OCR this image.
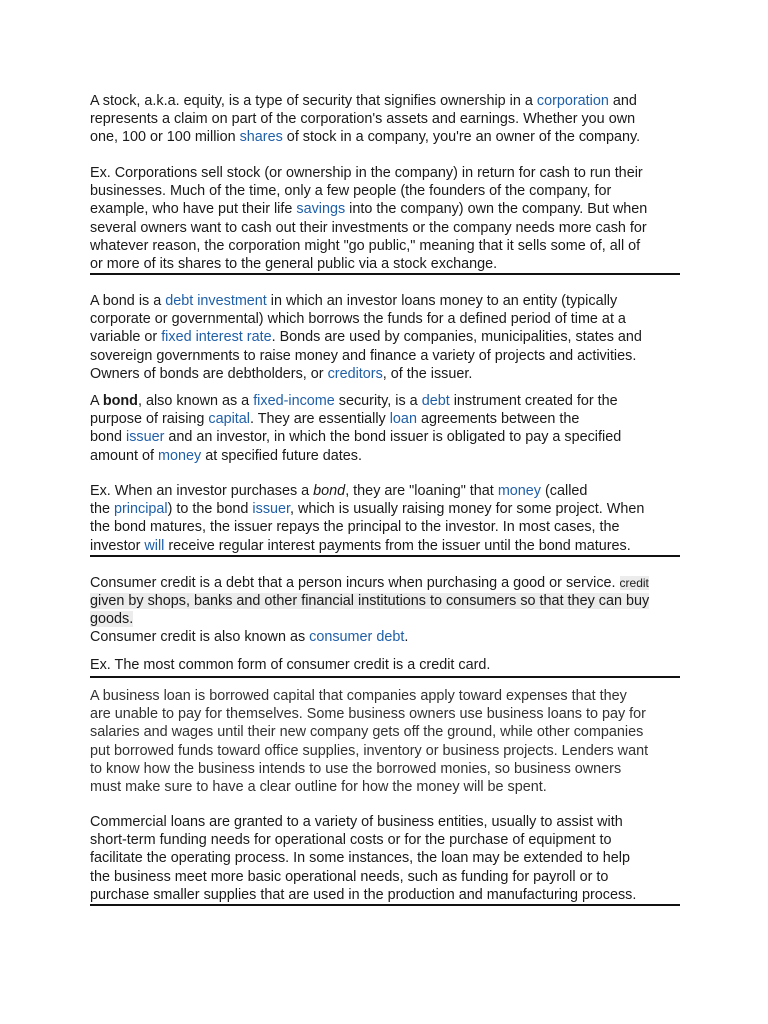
A stock, a.k.a. equity, is a type of security that signifies ownership in a corporation and

represents a claim on part of the corporation's assets and earnings. Whether you own

one, 100 or 100 million shares of stock in a company, you're an owner of the company.

Ex. Corporations sell stock (or ownership in the company) in return for cash to run their

businesses. Much of the time, only a few people (the founders of the company, for

example, who have put their life savings into the company) own the company. But when

several owners want to cash out their investments or the company needs more cash for

whatever reason, the corporation might "go public," meaning that it sells some of, all of

or more of its shares to the general public via a stock exchange.

A bond is a debt investment in which an investor loans money to an entity (typically

corporate or governmental) which borrows the funds for a defined period of time at a

variable or fixed interest rate. Bonds are used by companies, municipalities, states and

sovereign governments to raise money and finance a variety of projects and activities.

Owners of bonds are debtholders, or creditors, of the issuer.

A bond, also known as a fixed-income security, is a debt instrument created for the

purpose of raising capital. They are essentially loan agreements between the

bond issuer and an investor, in which the bond issuer is obligated to pay a specified

amount of money at specified future dates.

Ex. When an investor purchases a bond, they are "loaning" that money (called

the principal) to the bond issuer, which is usually raising money for some project. When

the bond matures, the issuer repays the principal to the investor. In most cases, the

investor will receive regular interest payments from the issuer until the bond matures.

Consumer credit is a debt that a person incurs when purchasing a good or service. credit

given by shops, banks and other financial institutions to consumers so that they can buy

goods.

Consumer credit is also known as consumer debt.

Ex. The most common form of consumer credit is a credit card.

A business loan is borrowed capital that companies apply toward expenses that they

are unable to pay for themselves. Some business owners use business loans to pay for

salaries and wages until their new company gets off the ground, while other companies

put borrowed funds toward office supplies, inventory or business projects. Lenders want

to know how the business intends to use the borrowed monies, so business owners

must make sure to have a clear outline for how the money will be spent.

Commercial loans are granted to a variety of business entities, usually to assist with

short-term funding needs for operational costs or for the purchase of equipment to

facilitate the operating process. In some instances, the loan may be extended to help

the business meet more basic operational needs, such as funding for payroll or to

purchase smaller supplies that are used in the production and manufacturing process.
